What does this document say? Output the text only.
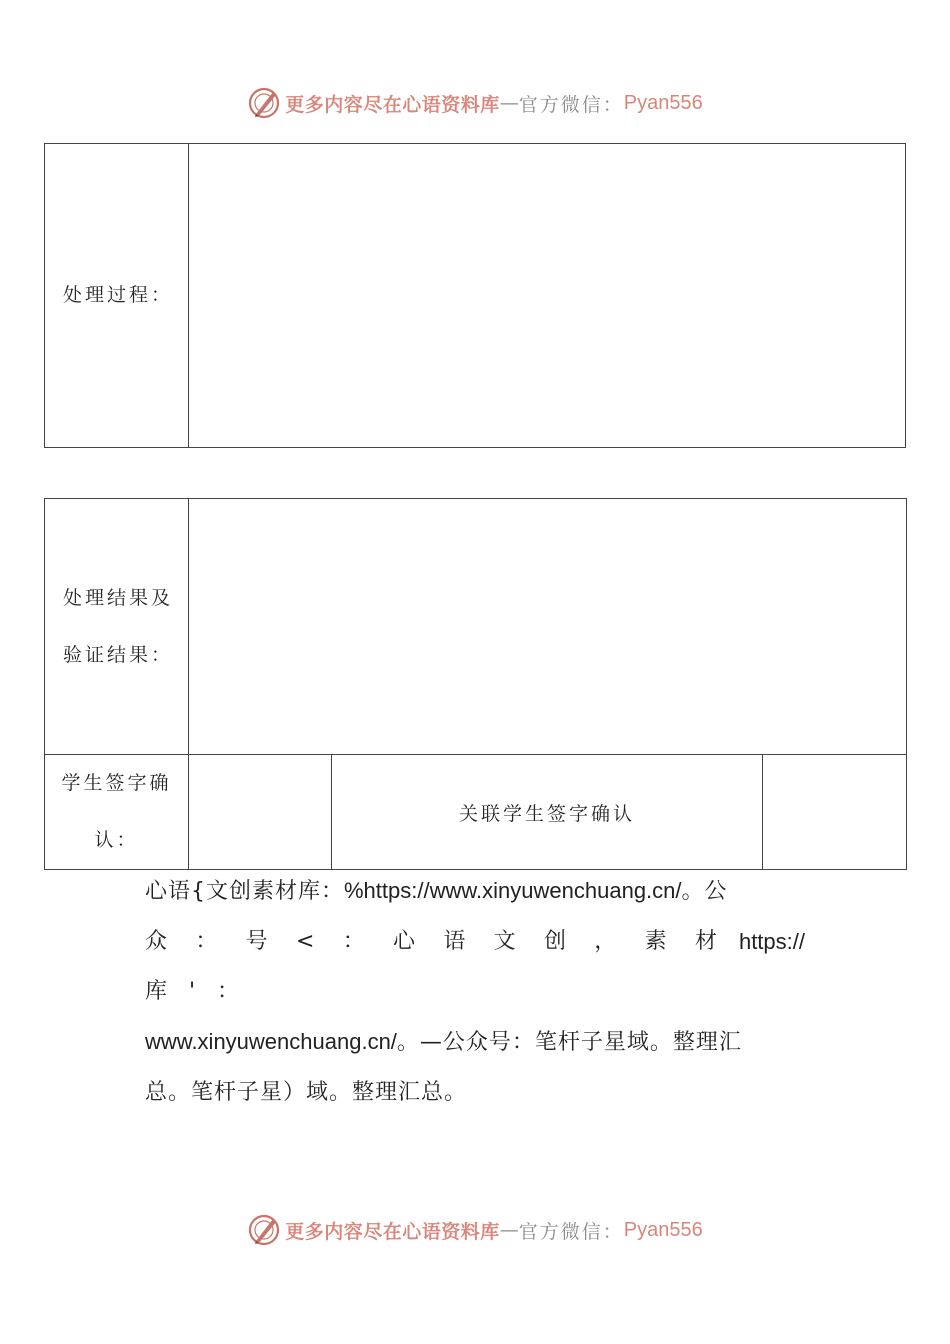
更多内容尽在心语资料库 — 官方微信： Pyan556
处理过程：	
处理结果及
验证结果：			

学生签字确
认：		关联学生签字确认	
心语{文创素材库：%https://www.xinyuwenchuang.cn/。公
众：号<：心语文创，素材库'：
https://
www.xinyuwenchuang.cn/。—公众号：笔杆子星域。整理汇
总。笔杆子星）域。整理汇总。
更多内容尽在心语资料库 — 官方微信： Pyan556
